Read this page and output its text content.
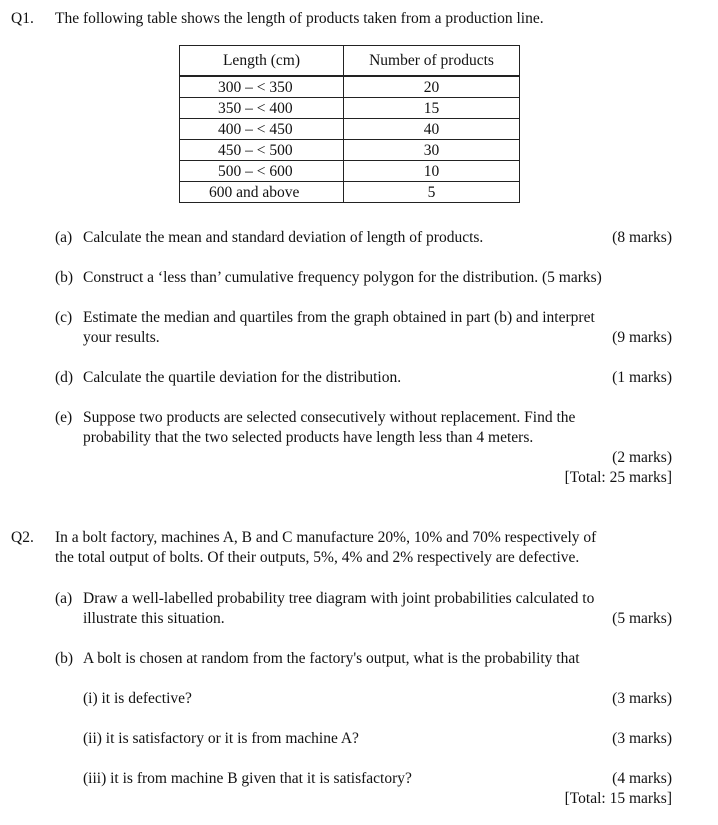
Q1. The following table shows the length of products taken from a production line.
Length (cm)	Number of products
300 – < 350	20
350 – < 400	15
400 – < 450	40
450 – < 500	30
500 – < 600	10
600 and above	5
(a) Calculate the mean and standard deviation of length of products.	(8 marks)
(b) Construct a ‘less than’ cumulative frequency polygon for the distribution. (5 marks)
(c) Estimate the median and quartiles from the graph obtained in part (b) and interpret
your results.	(9 marks)
(d) Calculate the quartile deviation for the distribution.	(1 marks)
(e) Suppose two products are selected consecutively without replacement. Find the
probability that the two selected products have length less than 4 meters.
(2 marks)
[Total: 25 marks]
Q2. In a bolt factory, machines A, B and C manufacture 20%, 10% and 70% respectively of
the total output of bolts. Of their outputs, 5%, 4% and 2% respectively are defective.
(a) Draw a well-labelled probability tree diagram with joint probabilities calculated to
illustrate this situation.	(5 marks)
(b) A bolt is chosen at random from the factory's output, what is the probability that
(i) it is defective?	(3 marks)
(ii) it is satisfactory or it is from machine A?	(3 marks)
(iii) it is from machine B given that it is satisfactory?	(4 marks)
[Total: 15 marks]
